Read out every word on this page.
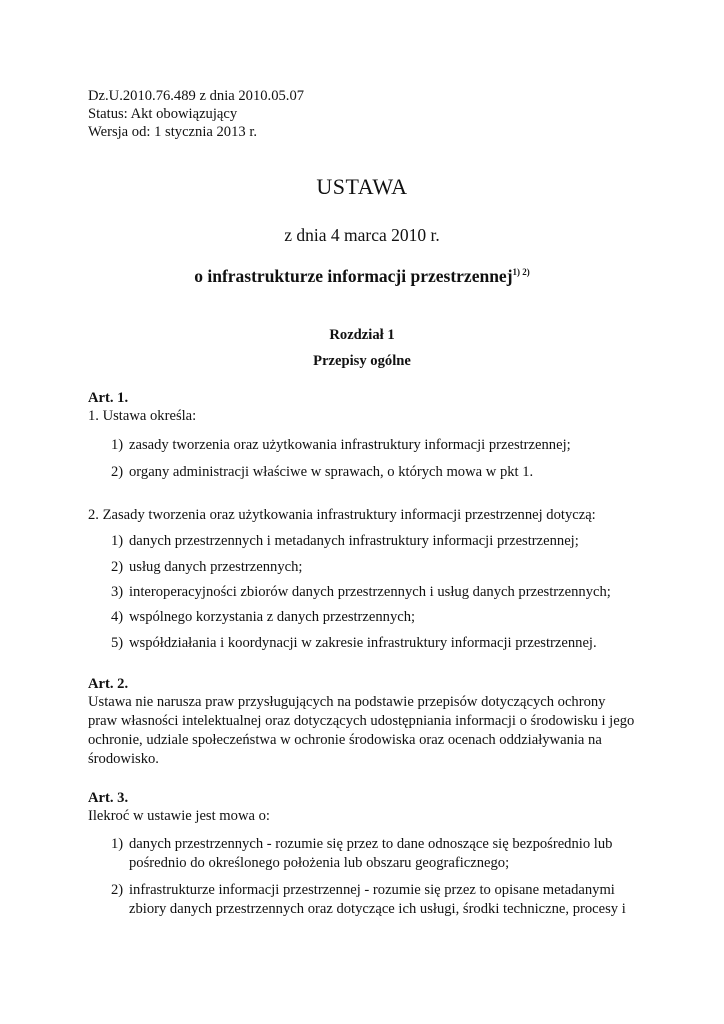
Dz.U.2010.76.489 z dnia 2010.05.07
Status: Akt obowiązujący
Wersja od: 1 stycznia 2013 r.
USTAWA
z dnia 4 marca 2010 r.
o infrastrukturze informacji przestrzennej$^{1) 2)}$
Rozdział 1
Przepisy ogólne
Art. 1.
1. Ustawa określa:
1) zasady tworzenia oraz użytkowania infrastruktury informacji przestrzennej;
2) organy administracji właściwe w sprawach, o których mowa w pkt 1.
2. Zasady tworzenia oraz użytkowania infrastruktury informacji przestrzennej dotyczą:
1) danych przestrzennych i metadanych infrastruktury informacji przestrzennej;
2) usług danych przestrzennych;
3) interoperacyjności zbiorów danych przestrzennych i usług danych przestrzennych;
4) wspólnego korzystania z danych przestrzennych;
5) współdziałania i koordynacji w zakresie infrastruktury informacji przestrzennej.
Art. 2.
Ustawa nie narusza praw przysługujących na podstawie przepisów dotyczących ochrony
praw własności intelektualnej oraz dotyczących udostępniania informacji o środowisku i jego
ochronie, udziale społeczeństwa w ochronie środowiska oraz ocenach oddziaływania na
środowisko.
Art. 3.
Ilekroć w ustawie jest mowa o:
1) danych przestrzennych - rozumie się przez to dane odnoszące się bezpośrednio lub
pośrednio do określonego położenia lub obszaru geograficznego;
2) infrastrukturze informacji przestrzennej - rozumie się przez to opisane metadanymi
zbiory danych przestrzennych oraz dotyczące ich usługi, środki techniczne, procesy i
